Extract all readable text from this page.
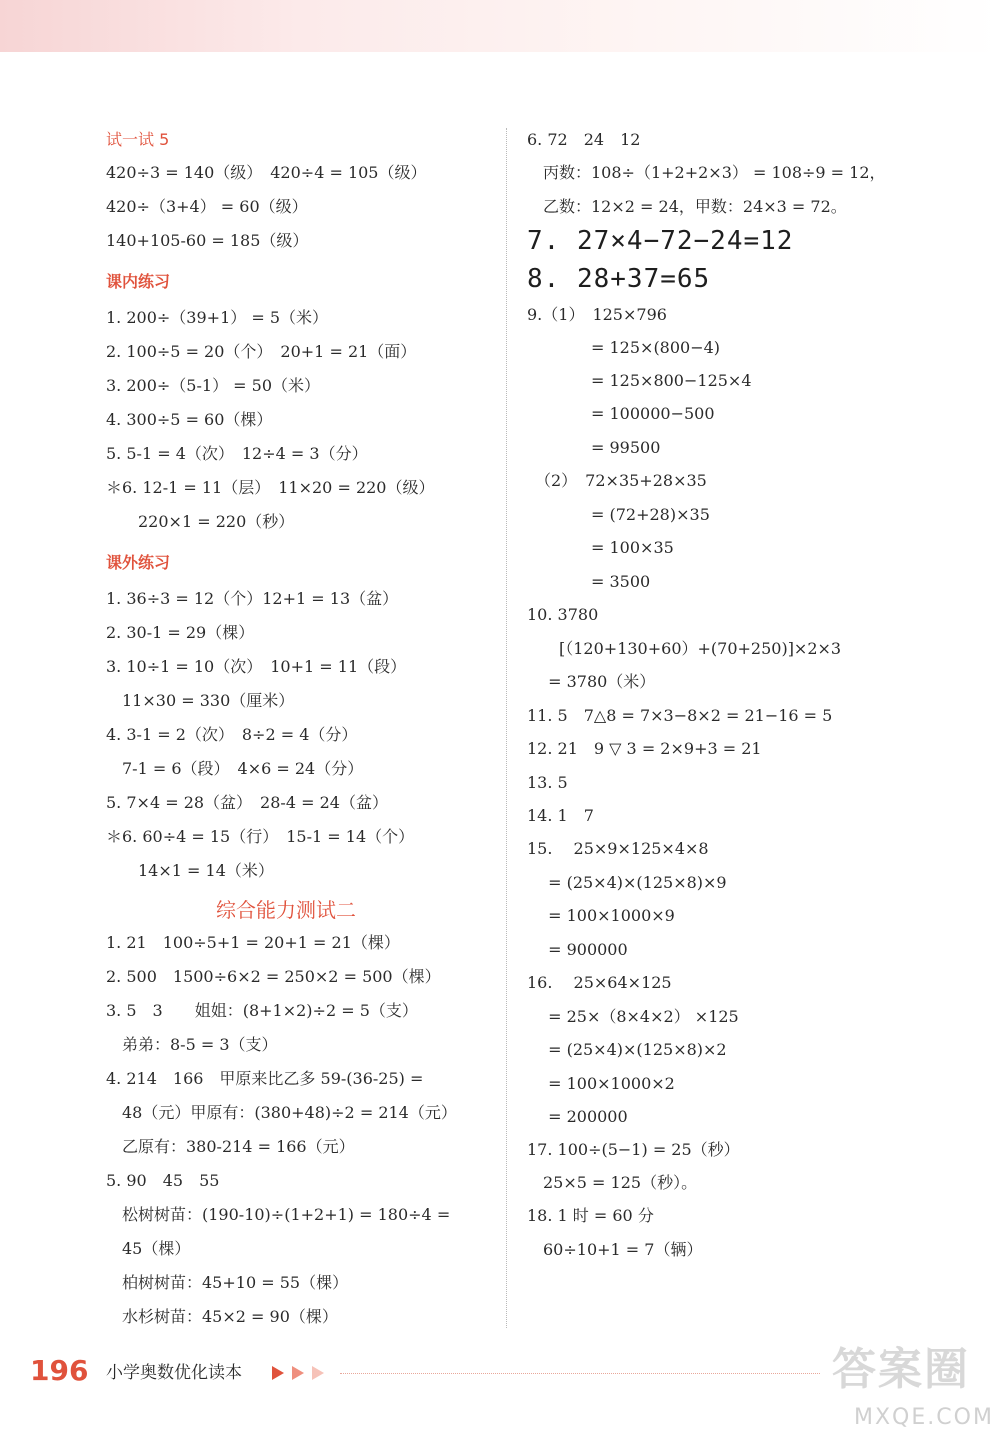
试一试 5
420÷3 = 140（级）　420÷4 = 105（级）
420÷（3+4） = 60（级）
140+105-60 = 185（级）
课内练习
1. 200÷（39+1） = 5（米）
2. 100÷5 = 20（个）　20+1 = 21（面）
3. 200÷（5-1） = 50（米）
4. 300÷5 = 60（棵）
5. 5-1 = 4（次）　12÷4 = 3（分）
＊6. 12-1 = 11（层）　11×20 = 220（级）
　　220×1 = 220（秒）
课外练习
1. 36÷3 = 12（个）12+1 = 13（盆）
2. 30-1 = 29（棵）
3. 10÷1 = 10（次）　10+1 = 11（段）
　11×30 = 330（厘米）
4. 3-1 = 2（次）　8÷2 = 4（分）
　7-1 = 6（段）　4×6 = 24（分）
5. 7×4 = 28（盆）　28-4 = 24（盆）
＊6. 60÷4 = 15（行）　15-1 = 14（个）
　　14×1 = 14（米）
综合能力测试二
1. 21　100÷5+1 = 20+1 = 21（棵）
2. 500　1500÷6×2 = 250×2 = 500（棵）
3. 5　3　　姐姐：(8+1×2)÷2 = 5（支）
　弟弟：8-5 = 3（支）
4. 214　166　甲原来比乙多 59-(36-25) =
　48（元）甲原有：(380+48)÷2 = 214（元）
　乙原有：380-214 = 166（元）
5. 90　45　55
　松树树苗：(190-10)÷(1+2+1) = 180÷4 =
　45（棵）
　柏树树苗：45+10 = 55（棵）
　水杉树苗：45×2 = 90（棵）
6. 72　24　12
　丙数：108÷（1+2+2×3） = 108÷9 = 12，
　乙数：12×2 = 24，甲数：24×3 = 72。
7. 27×4−72−24=12
8. 28+37=65
9.（1）　125×796
　　　　= 125×(800−4)
　　　　= 125×800−125×4
　　　　= 100000−500
　　　　= 99500
　（2）　72×35+28×35
　　　　= (72+28)×35
　　　　= 100×35
　　　　= 3500
10. 3780
　　[（120+130+60）+(70+250)]×2×3
　 = 3780（米）
11. 5　7△8 = 7×3−8×2 = 21−16 = 5
12. 21　9 ▽ 3 = 2×9+3 = 21
13. 5
14. 1　7
15.　 25×9×125×4×8
　 = (25×4)×(125×8)×9
　 = 100×1000×9
　 = 900000
16.　 25×64×125
　 = 25×（8×4×2） ×125
　 = (25×4)×(125×8)×2
　 = 100×1000×2
　 = 200000
17. 100÷(5−1) = 25（秒）
　25×5 = 125（秒）。
18. 1 时 = 60 分
　60÷10+1 = 7（辆）
196 小学奥数优化读本	答案圈
MXQE.COM
